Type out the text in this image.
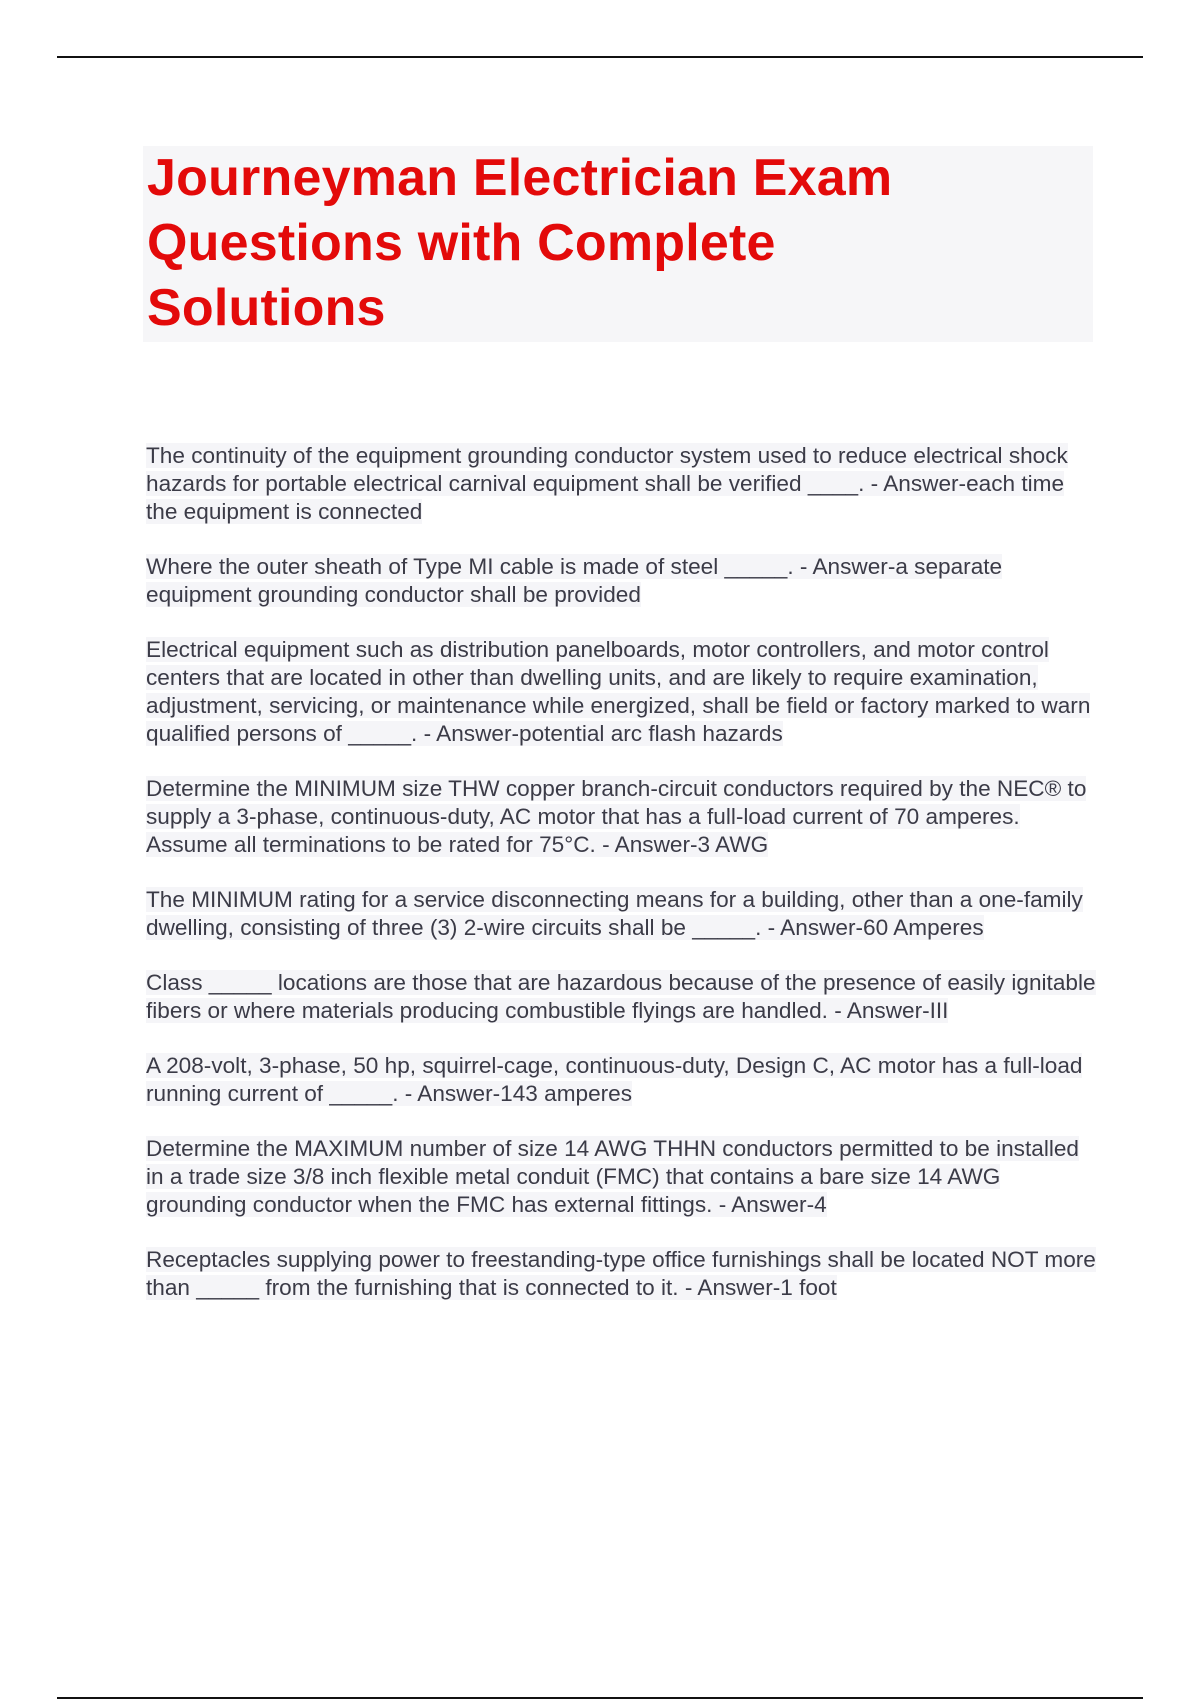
Journeyman Electrician Exam
Questions with Complete
Solutions

The continuity of the equipment grounding conductor system used to reduce electrical shock hazards for portable electrical carnival equipment shall be verified ____. - Answer-each time the equipment is connected

Where the outer sheath of Type MI cable is made of steel _____. - Answer-a separate equipment grounding conductor shall be provided

Electrical equipment such as distribution panelboards, motor controllers, and motor control centers that are located in other than dwelling units, and are likely to require examination, adjustment, servicing, or maintenance while energized, shall be field or factory marked to warn qualified persons of _____. - Answer-potential arc flash hazards

Determine the MINIMUM size THW copper branch-circuit conductors required by the NEC® to supply a 3-phase, continuous-duty, AC motor that has a full-load current of 70 amperes. Assume all terminations to be rated for 75°C. - Answer-3 AWG

The MINIMUM rating for a service disconnecting means for a building, other than a one-family dwelling, consisting of three (3) 2-wire circuits shall be _____. - Answer-60 Amperes

Class _____ locations are those that are hazardous because of the presence of easily ignitable fibers or where materials producing combustible flyings are handled. - Answer-III

A 208-volt, 3-phase, 50 hp, squirrel-cage, continuous-duty, Design C, AC motor has a full-load running current of _____. - Answer-143 amperes

Determine the MAXIMUM number of size 14 AWG THHN conductors permitted to be installed in a trade size 3/8 inch flexible metal conduit (FMC) that contains a bare size 14 AWG grounding conductor when the FMC has external fittings. - Answer-4

Receptacles supplying power to freestanding-type office furnishings shall be located NOT more than _____ from the furnishing that is connected to it. - Answer-1 foot
